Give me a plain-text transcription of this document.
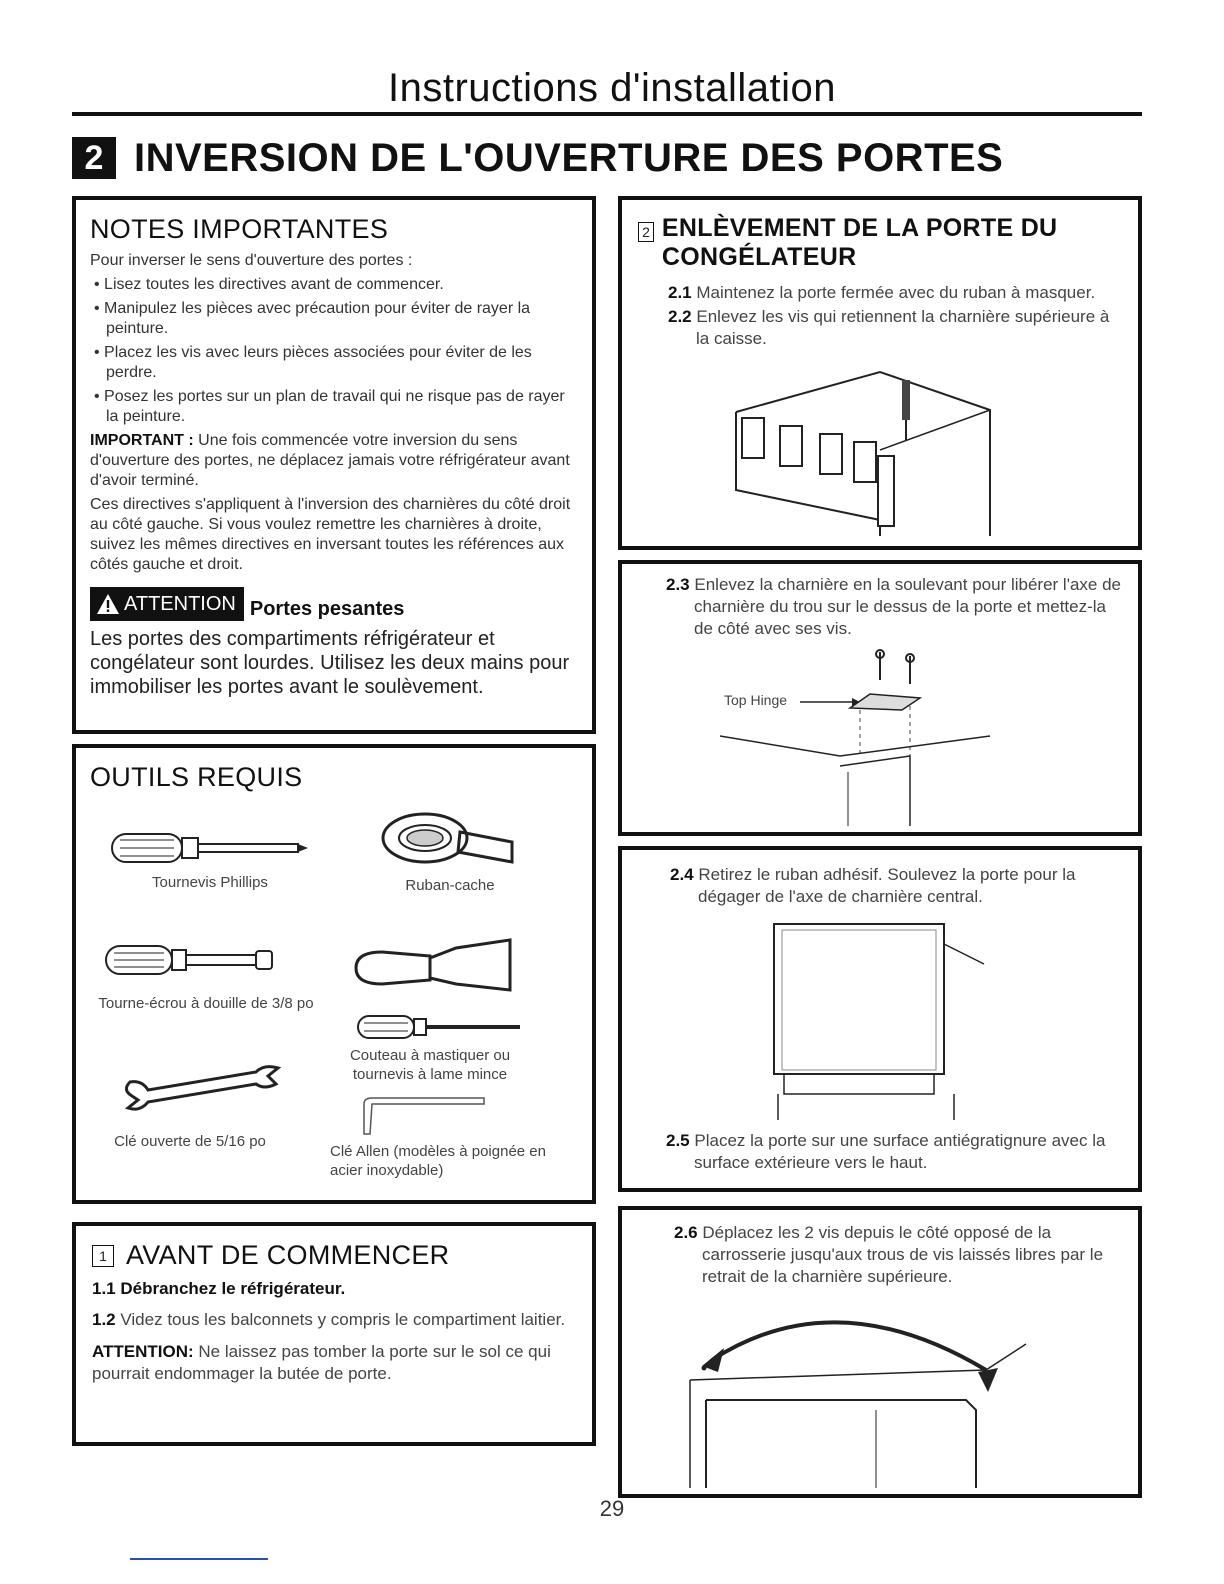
Instructions d'installation
2 INVERSION DE L'OUVERTURE DES PORTES
NOTES IMPORTANTES

Pour inverser le sens d'ouverture des portes :

• Lisez toutes les directives avant de commencer.

• Manipulez les pièces avec précaution pour éviter de rayer la peinture.

• Placez les vis avec leurs pièces associées pour éviter de les perdre.

• Posez les portes sur un plan de travail qui ne risque pas de rayer la peinture.

IMPORTANT : Une fois commencée votre inversion du sens d'ouverture des portes, ne déplacez jamais votre réfrigérateur avant d'avoir terminé.

Ces directives s'appliquent à l'inversion des charnières du côté droit au côté gauche. Si vous voulez remettre les charnières à droite, suivez les mêmes directives en inversant toutes les références aux côtés gauche et droit.

ATTENTION Portes pesantes

Les portes des compartiments réfrigérateur et congélateur sont lourdes. Utilisez les deux mains pour immobiliser les portes avant le soulèvement.

OUTILS REQUIS
Tournevis Phillips	Ruban-cache
Tourne-écrou à douille de 3/8 po
Couteau à mastiquer ou tournevis à lame mince
Clé ouverte de 5/16 po
Clé Allen (modèles à poignée en acier inoxydable)
1 AVANT DE COMMENCER

1.1 Débranchez le réfrigérateur.

1.2 Videz tous les balconnets y compris le compartiment laitier.

ATTENTION: Ne laissez pas tomber la porte sur le sol ce qui pourrait endommager la butée de porte.

2 ENLÈVEMENT DE LA PORTE DU CONGÉLATEUR

2.1 Maintenez la porte fermée avec du ruban à masquer.

2.2 Enlevez les vis qui retiennent la charnière supérieure à la caisse.

2.3 Enlevez la charnière en la soulevant pour libérer l'axe de charnière du trou sur le dessus de la porte et mettez-la de côté avec ses vis.

Top Hinge

2.4 Retirez le ruban adhésif. Soulevez la porte pour la dégager de l'axe de charnière central.

2.5 Placez la porte sur une surface antiégratignure avec la surface extérieure vers le haut.

2.6 Déplacez les 2 vis depuis le côté opposé de la carrosserie jusqu'aux trous de vis laissés libres par le retrait de la charnière supérieure.

29
